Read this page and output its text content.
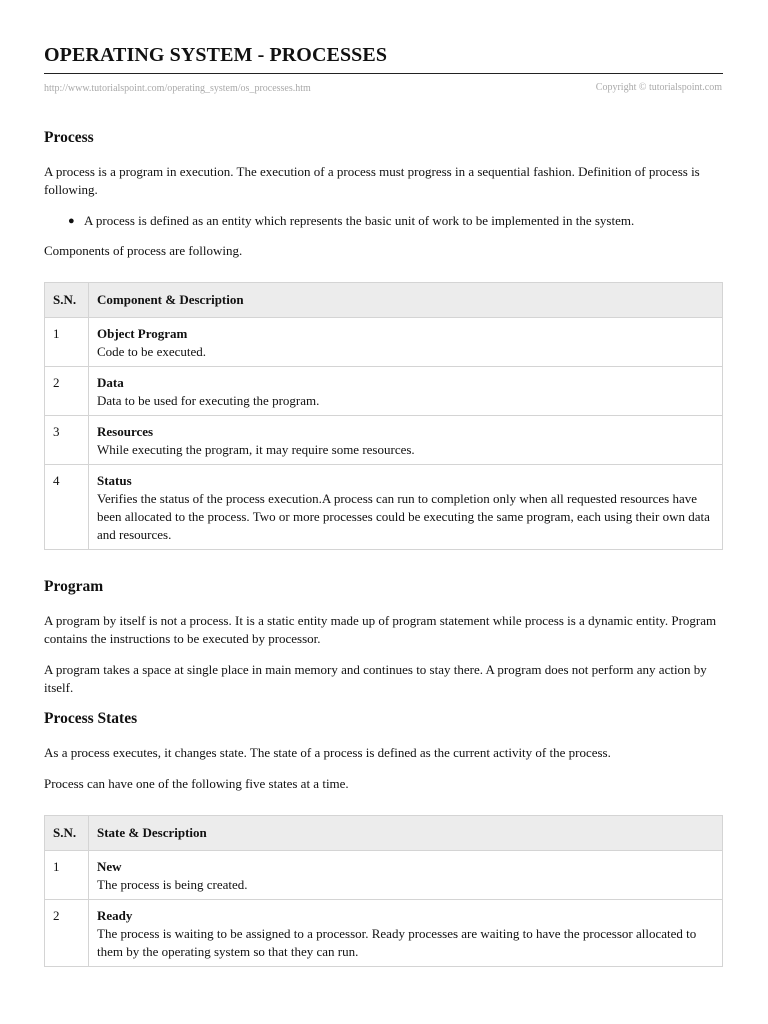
OPERATING SYSTEM - PROCESSES
http://www.tutorialspoint.com/operating_system/os_processes.htm	Copyright © tutorialspoint.com
Process

A process is a program in execution. The execution of a process must progress in a sequential fashion. Definition of process is following.

● A process is defined as an entity which represents the basic unit of work to be implemented in the system.

Components of process are following.

S.N.	Component & Description
1	Object Program
Code to be executed.

2	Data
Data to be used for executing the program.

3	Resources
While executing the program, it may require some resources.

4	Status
Verifies the status of the process execution.A process can run to completion only when all requested resources have been allocated to the process. Two or more processes could be executing the same program, each using their own data and resources.
Program

A program by itself is not a process. It is a static entity made up of program statement while process is a dynamic entity. Program contains the instructions to be executed by processor.

A program takes a space at single place in main memory and continues to stay there. A program does not perform any action by itself.

Process States

As a process executes, it changes state. The state of a process is defined as the current activity of the process.

Process can have one of the following five states at a time.

S.N.	State & Description
1	New
The process is being created.

2	Ready
The process is waiting to be assigned to a processor. Ready processes are waiting to have the processor allocated to them by the operating system so that they can run.
